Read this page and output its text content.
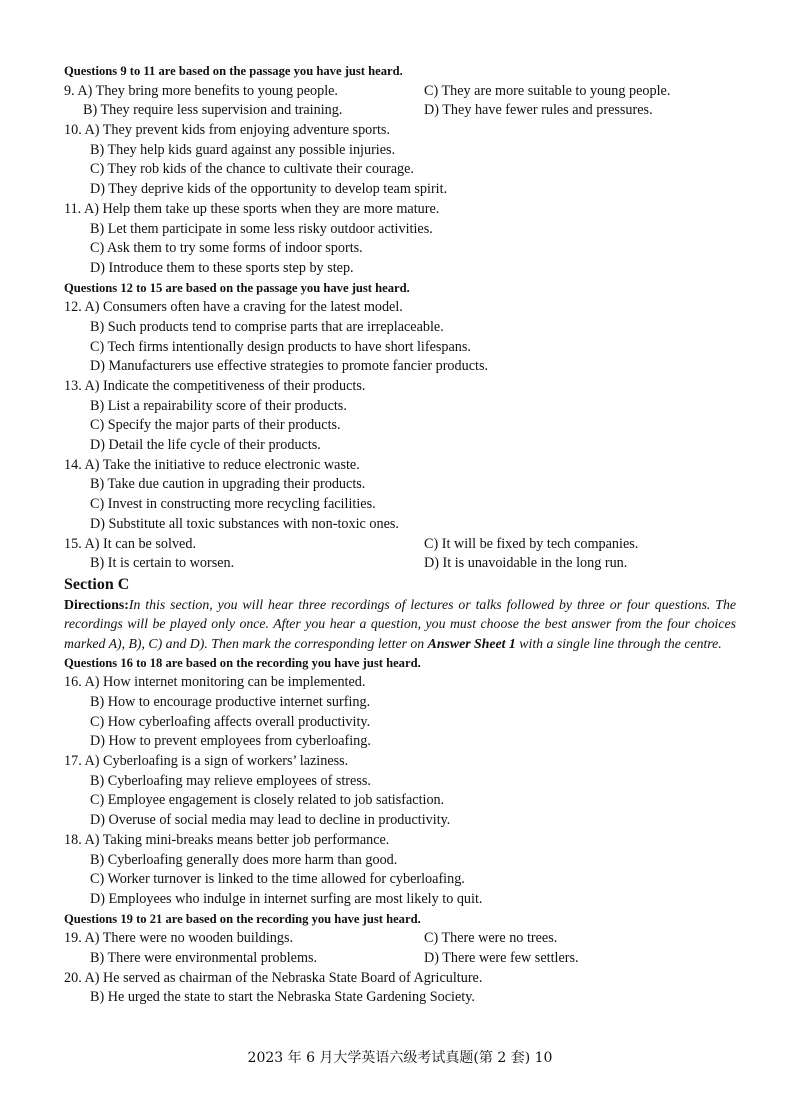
Questions 9 to 11 are based on the passage you have just heard.
9. A) They bring more benefits to young people.	C) They are more suitable to young people.
B) They require less supervision and training.	D) They have fewer rules and pressures.
10. A) They prevent kids from enjoying adventure sports.
B) They help kids guard against any possible injuries.
C) They rob kids of the chance to cultivate their courage.
D) They deprive kids of the opportunity to develop team spirit.
11. A) Help them take up these sports when they are more mature.
B) Let them participate in some less risky outdoor activities.
C) Ask them to try some forms of indoor sports.
D) Introduce them to these sports step by step.
Questions 12 to 15 are based on the passage you have just heard.
12. A) Consumers often have a craving for the latest model.
B) Such products tend to comprise parts that are irreplaceable.
C) Tech firms intentionally design products to have short lifespans.
D) Manufacturers use effective strategies to promote fancier products.
13. A) Indicate the competitiveness of their products.
B) List a repairability score of their products.
C) Specify the major parts of their products.
D) Detail the life cycle of their products.
14. A) Take the initiative to reduce electronic waste.
B) Take due caution in upgrading their products.
C) Invest in constructing more recycling facilities.
D) Substitute all toxic substances with non-toxic ones.
15. A) It can be solved.	C) It will be fixed by tech companies.
B) It is certain to worsen.	D) It is unavoidable in the long run.
Section C
Directions:In this section, you will hear three recordings of lectures or talks followed by three or four questions. The recordings will be played only once. After you hear a question, you must choose the best answer from the four choices marked A), B), C) and D). Then mark the corresponding letter on Answer Sheet 1 with a single line through the centre.
Questions 16 to 18 are based on the recording you have just heard.
16. A) How internet monitoring can be implemented.
B) How to encourage productive internet surfing.
C) How cyberloafing affects overall productivity.
D) How to prevent employees from cyberloafing.
17. A) Cyberloafing is a sign of workers’ laziness.
B) Cyberloafing may relieve employees of stress.
C) Employee engagement is closely related to job satisfaction.
D) Overuse of social media may lead to decline in productivity.
18. A) Taking mini-breaks means better job performance.
B) Cyberloafing generally does more harm than good.
C) Worker turnover is linked to the time allowed for cyberloafing.
D) Employees who indulge in internet surfing are most likely to quit.
Questions 19 to 21 are based on the recording you have just heard.
19. A) There were no wooden buildings.	C) There were no trees.
B) There were environmental problems.	D) There were few settlers.
20. A) He served as chairman of the Nebraska State Board of Agriculture.
B) He urged the state to start the Nebraska State Gardening Society.
2023 年 6 月大学英语六级考试真题(第 2 套) 10
